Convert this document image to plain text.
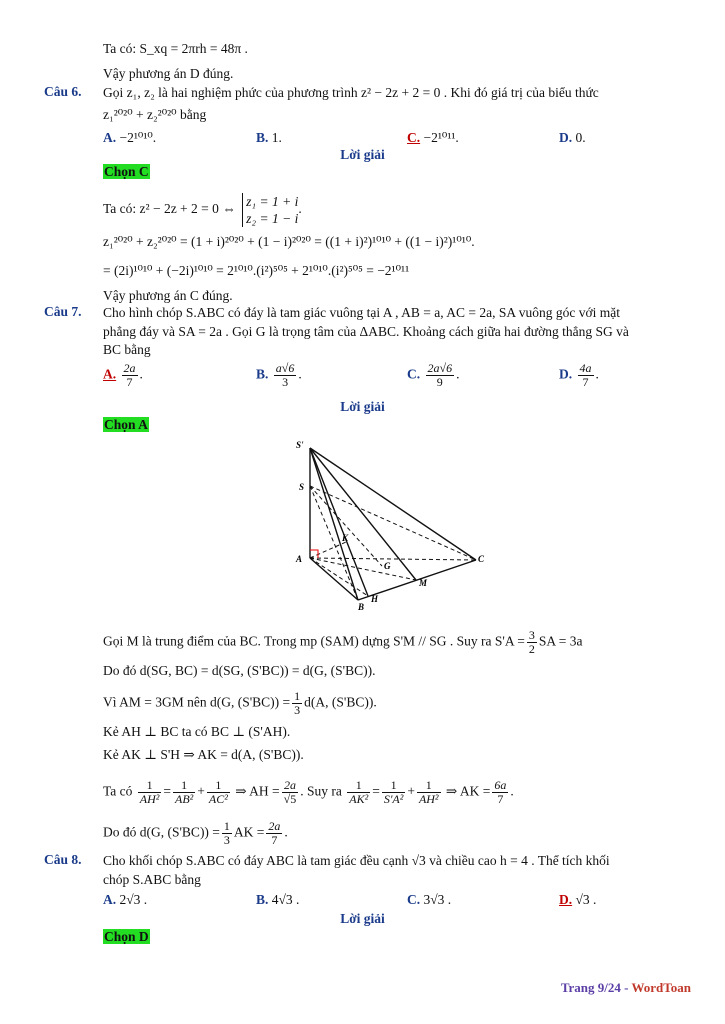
Ta có: S_xq = 2πrh = 48π .
Vậy phương án D đúng.
Câu 6. Gọi z₁, z₂ là hai nghiệm phức của phương trình z² − 2z + 2 = 0 . Khi đó giá trị của biểu thức
z₁²⁰²⁰ + z₂²⁰²⁰ bằng
A. −2¹⁰¹⁰.	B. 1.	C. −2¹⁰¹¹.	D. 0.
Lời giải
Chọn C
Ta có: z² − 2z + 2 = 0 ⇔ z₁ = 1 + i
z₂ = 1 − i
.
z₁²⁰²⁰ + z₂²⁰²⁰ = (1 + i)²⁰²⁰ + (1 − i)²⁰²⁰ = ((1 + i)²)¹⁰¹⁰ + ((1 − i)²)¹⁰¹⁰.
= (2i)¹⁰¹⁰ + (−2i)¹⁰¹⁰ = 2¹⁰¹⁰.(i²)⁵⁰⁵ + 2¹⁰¹⁰.(i²)⁵⁰⁵ = −2¹⁰¹¹
Vậy phương án C đúng.
Câu 7. Cho hình chóp S.ABC có đáy là tam giác vuông tại A , AB = a, AC = 2a, SA vuông góc với mặt
phẳng đáy và SA = 2a . Gọi G là trọng tâm của ΔABC. Khoảng cách giữa hai đường thẳng SG và
BC bằng
A. $\frac{2a}{7}$ .	B. $\frac{a√6}{3}$ .	C. $\frac{2a√6}{9}$ .	D. $\frac{4a}{7}$ .
Lời giải
Chọn A
S'
S
A
B
C
G
M
H
K
Gọi M là trung điểm của BC. Trong mp (SAM) dựng S'M // SG . Suy ra $S'A = \frac{3}{2}$ SA = 3a
Do đó d(SG, BC) = d(SG, (S'BC)) = d(G, (S'BC)).
Vì AM = 3GM nên d(G, $(S'BC)) = \frac{1}{3} d(A$, (S'BC)).
Kẻ AH ⊥ BC ta có BC ⊥ (S'AH).
Kẻ AK ⊥ S'H ⇒ AK = d(A, (S'BC)).
Ta có $\frac{1}{\text{AH²}} = \frac{1}{\text{AB²}} + \frac{1}{\text{AC²}}$ ⇒ AH = $\frac{2a}{√5}$ . Suy ra $\frac{1}{\text{AK²}} = \frac{1}{\text{S'A²}} + \frac{1}{\text{AH²}}$ ⇒ AK = $\frac{6a}{7}$ .
Do đó d(G, $(S'BC)) = \frac{1}{3}$ AK = $\frac{2a}{7}$ .
Câu 8. Cho khối chóp S.ABC có đáy ABC là tam giác đều cạnh √3 và chiều cao h = 4 . Thể tích khối
chóp S.ABC bằng
A. 2√3 .	B. 4√3 .	C. 3√3 .	D. √3 .
Lời giải
Chọn D
Trang 9/24 - WordToan
